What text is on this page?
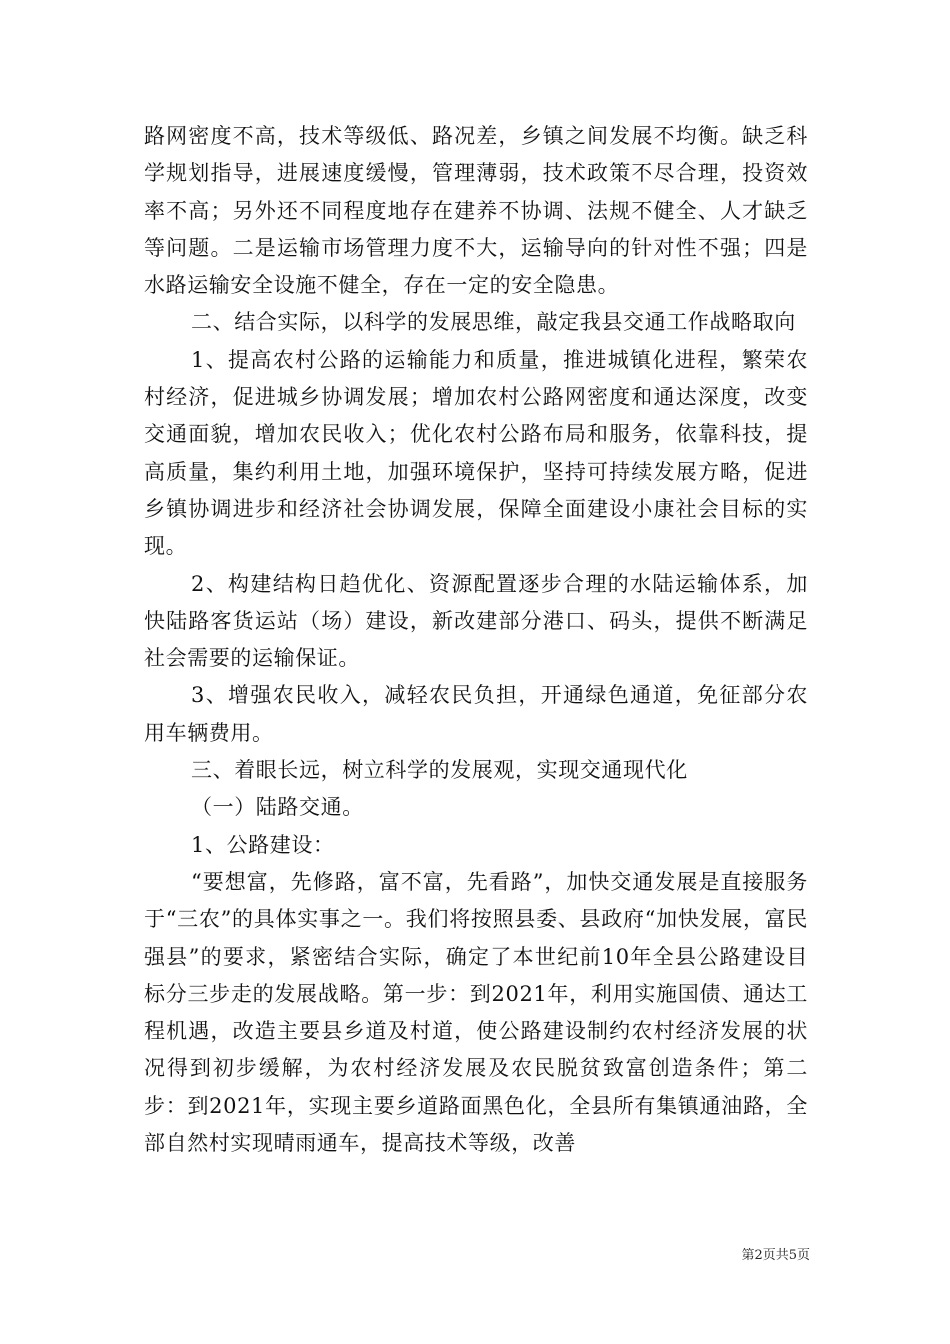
路网密度不高，技术等级低、路况差，乡镇之间发展不均衡。缺乏科学规划指导，进展速度缓慢，管理薄弱，技术政策不尽合理，投资效率不高；另外还不同程度地存在建养不协调、法规不健全、人才缺乏等问题。二是运输市场管理力度不大，运输导向的针对性不强；四是水路运输安全设施不健全，存在一定的安全隐患。

二、结合实际，以科学的发展思维，敲定我县交通工作战略取向

1、提高农村公路的运输能力和质量，推进城镇化进程，繁荣农村经济，促进城乡协调发展；增加农村公路网密度和通达深度，改变交通面貌，增加农民收入；优化农村公路布局和服务，依靠科技，提高质量，集约利用土地，加强环境保护，坚持可持续发展方略，促进乡镇协调进步和经济社会协调发展，保障全面建设小康社会目标的实现。

2、构建结构日趋优化、资源配置逐步合理的水陆运输体系，加快陆路客货运站（场）建设，新改建部分港口、码头，提供不断满足社会需要的运输保证。

3、增强农民收入，减轻农民负担，开通绿色通道，免征部分农用车辆费用。

三、着眼长远，树立科学的发展观，实现交通现代化

（一）陆路交通。

1、公路建设：

“要想富，先修路，富不富，先看路”，加快交通发展是直接服务于“三农”的具体实事之一。我们将按照县委、县政府“加快发展，富民强县”的要求，紧密结合实际，确定了本世纪前10年全县公路建设目标分三步走的发展战略。第一步：到2021年，利用实施国债、通达工程机遇，改造主要县乡道及村道，使公路建设制约农村经济发展的状况得到初步缓解，为农村经济发展及农民脱贫致富创造条件；第二步：到2021年，实现主要乡道路面黑色化，全县所有集镇通油路，全部自然村实现晴雨通车，提高技术等级，改善

第2页共5页
